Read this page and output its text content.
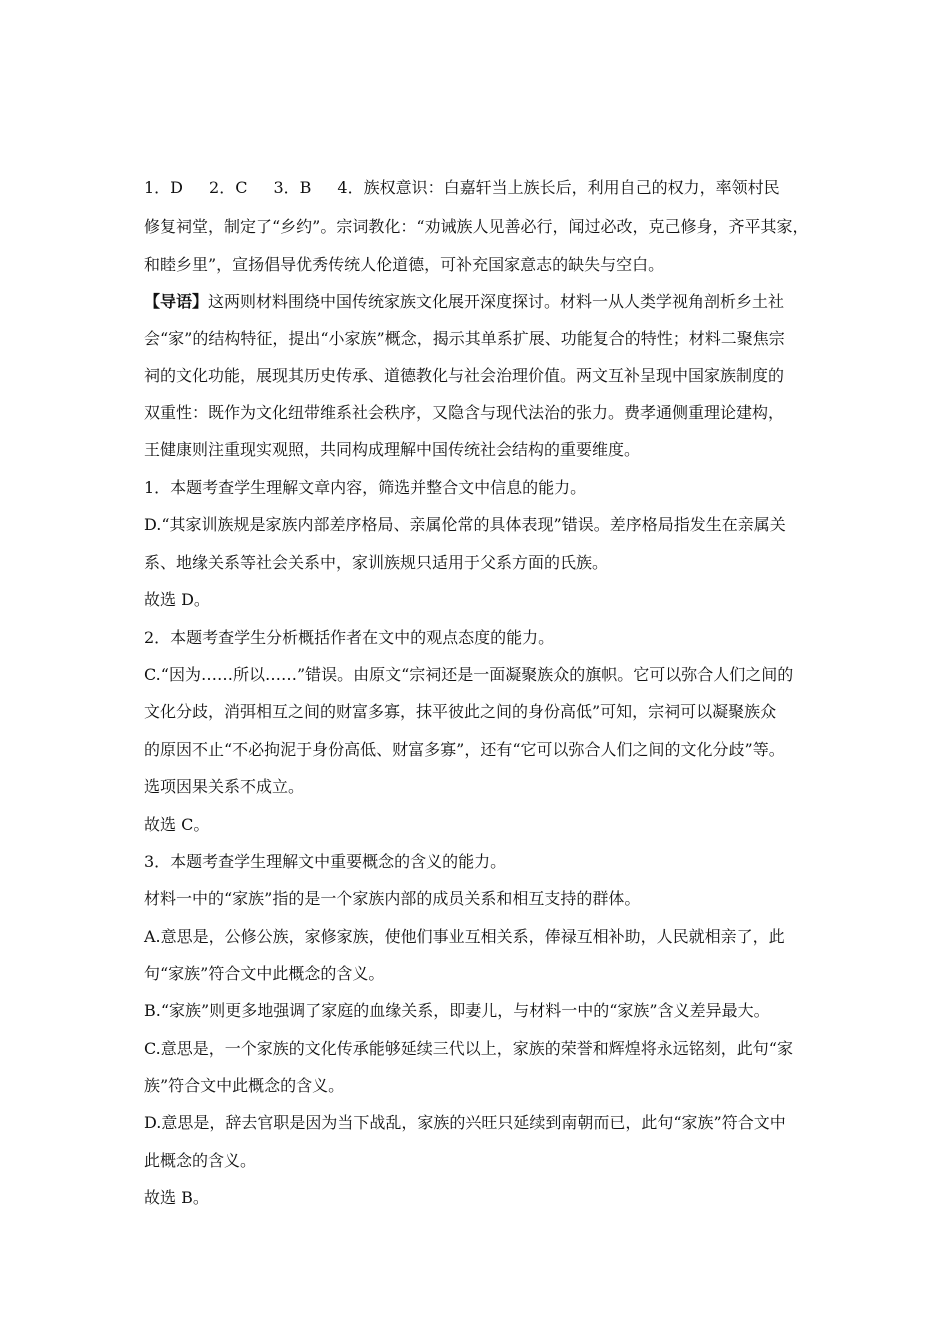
1．D 2．C 3．B 4．族权意识：白嘉轩当上族长后，利用自己的权力，率领村民
修复祠堂，制定了“乡约”。宗词教化：“劝诫族人见善必行，闻过必改，克己修身，齐平其家，
和睦乡里”，宣扬倡导优秀传统人伦道德，可补充国家意志的缺失与空白。
【导语】这两则材料围绕中国传统家族文化展开深度探讨。材料一从人类学视角剖析乡土社
会“家”的结构特征，提出“小家族”概念，揭示其单系扩展、功能复合的特性；材料二聚焦宗
祠的文化功能，展现其历史传承、道德教化与社会治理价值。两文互补呈现中国家族制度的
双重性：既作为文化纽带维系社会秩序，又隐含与现代法治的张力。费孝通侧重理论建构，
王健康则注重现实观照，共同构成理解中国传统社会结构的重要维度。
1．本题考查学生理解文章内容，筛选并整合文中信息的能力。
D.“其家训族规是家族内部差序格局、亲属伦常的具体表现”错误。差序格局指发生在亲属关
系、地缘关系等社会关系中，家训族规只适用于父系方面的氏族。
故选 D。
2．本题考查学生分析概括作者在文中的观点态度的能力。
C.“因为……所以……”错误。由原文“宗祠还是一面凝聚族众的旗帜。它可以弥合人们之间的
文化分歧，消弭相互之间的财富多寡，抹平彼此之间的身份高低”可知，宗祠可以凝聚族众
的原因不止“不必拘泥于身份高低、财富多寡”，还有“它可以弥合人们之间的文化分歧”等。
选项因果关系不成立。
故选 C。
3．本题考查学生理解文中重要概念的含义的能力。
材料一中的“家族”指的是一个家族内部的成员关系和相互支持的群体。
A.意思是，公修公族，家修家族，使他们事业互相关系，俸禄互相补助，人民就相亲了，此
句“家族”符合文中此概念的含义。
B.“家族”则更多地强调了家庭的血缘关系，即妻儿，与材料一中的“家族”含义差异最大。
C.意思是，一个家族的文化传承能够延续三代以上，家族的荣誉和辉煌将永远铭刻，此句“家
族”符合文中此概念的含义。
D.意思是，辞去官职是因为当下战乱，家族的兴旺只延续到南朝而已，此句“家族”符合文中
此概念的含义。
故选 B。
